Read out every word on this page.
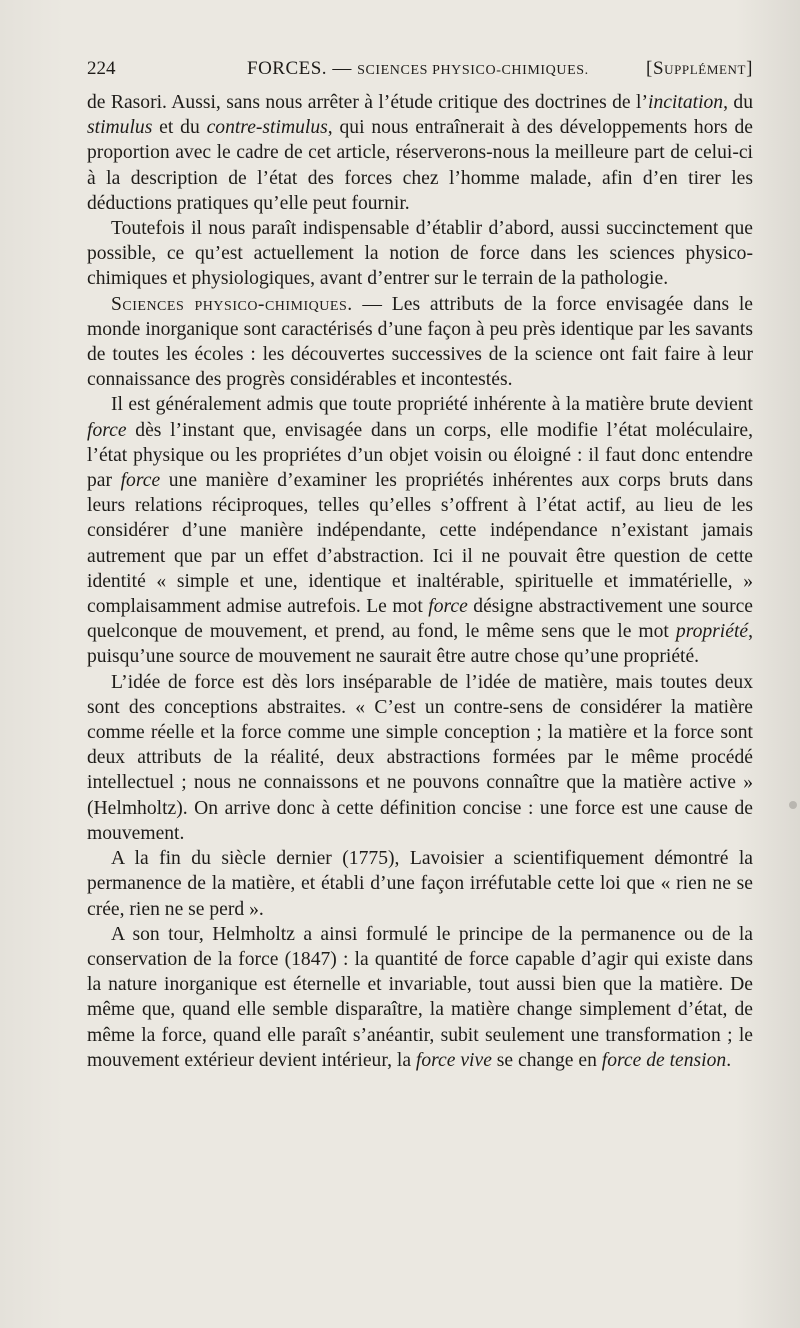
224	FORCES. — SCIENCES PHYSICO-CHIMIQUES.	[Supplément]

de Rasori. Aussi, sans nous arrêter à l’étude critique des doctrines de l’incitation, du stimulus et du contre-stimulus, qui nous entraînerait à des développements hors de proportion avec le cadre de cet article, réserverons-nous la meilleure part de celui-ci à la description de l’état des forces chez l’homme malade, afin d’en tirer les déductions pratiques qu’elle peut fournir.

Toutefois il nous paraît indispensable d’établir d’abord, aussi succinctement que possible, ce qu’est actuellement la notion de force dans les sciences physico-chimiques et physiologiques, avant d’entrer sur le terrain de la pathologie.

Sciences physico-chimiques. — Les attributs de la force envisagée dans le monde inorganique sont caractérisés d’une façon à peu près identique par les savants de toutes les écoles : les découvertes successives de la science ont fait faire à leur connaissance des progrès considérables et incontestés.

Il est généralement admis que toute propriété inhérente à la matière brute devient force dès l’instant que, envisagée dans un corps, elle modifie l’état moléculaire, l’état physique ou les propriétes d’un objet voisin ou éloigné : il faut donc entendre par force une manière d’examiner les propriétés inhérentes aux corps bruts dans leurs relations réciproques, telles qu’elles s’offrent à l’état actif, au lieu de les considérer d’une manière indépendante, cette indépendance n’existant jamais autrement que par un effet d’abstraction. Ici il ne pouvait être question de cette identité « simple et une, identique et inaltérable, spirituelle et immatérielle, » complaisamment admise autrefois. Le mot force désigne abstractivement une source quelconque de mouvement, et prend, au fond, le même sens que le mot propriété, puisqu’une source de mouvement ne saurait être autre chose qu’une propriété.

L’idée de force est dès lors inséparable de l’idée de matière, mais toutes deux sont des conceptions abstraites. « C’est un contre-sens de considérer la matière comme réelle et la force comme une simple conception ; la matière et la force sont deux attributs de la réalité, deux abstractions formées par le même procédé intellectuel ; nous ne connaissons et ne pouvons connaître que la matière active » (Helmholtz). On arrive donc à cette définition concise : une force est une cause de mouvement.

A la fin du siècle dernier (1775), Lavoisier a scientifiquement démontré la permanence de la matière, et établi d’une façon irréfutable cette loi que « rien ne se crée, rien ne se perd ».

A son tour, Helmholtz a ainsi formulé le principe de la permanence ou de la conservation de la force (1847) : la quantité de force capable d’agir qui existe dans la nature inorganique est éternelle et invariable, tout aussi bien que la matière. De même que, quand elle semble disparaître, la matière change simplement d’état, de même la force, quand elle paraît s’anéantir, subit seulement une transformation ; le mouvement extérieur devient intérieur, la force vive se change en force de tension.
